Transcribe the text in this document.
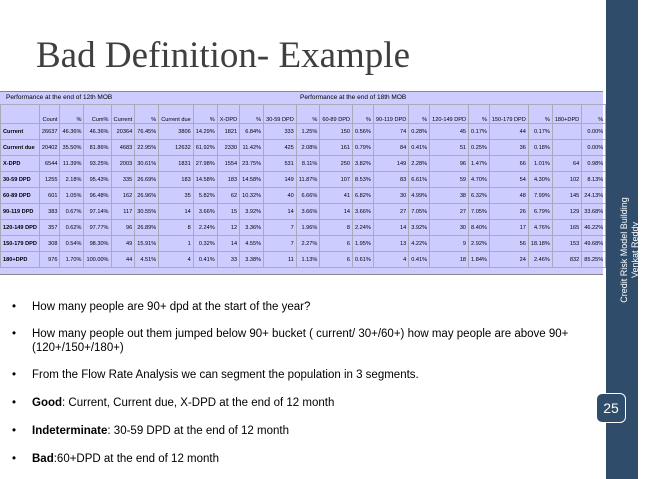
Bad Definition- Example
Credit Risk Model Building
Venkat Reddy
25
Performance at the end of 12th MOB	Performance at the end of 18th MOB
	Count	%	Cum%	Current	%	Current due	%	X-DPD	%	30-59 DPD	%	60-89 DPD	%	90-119 DPD	%	120-149 DPD	%	150-179 DPD	%	180+DPD	%
Current	26637	46.36%	46.36%	20364	76.45%	3806	14.29%	1821	6.84%	333	1.25%	150	0.56%	74	0.28%	45	0.17%	44	0.17%		0.00%
Current due	20402	35.50%	81.86%	4683	22.95%	12632	61.92%	2330	11.42%	425	2.08%	161	0.79%	84	0.41%	51	0.25%	36	0.18%		0.00%
X-DPD	6544	11.39%	93.25%	2003	30.61%	1831	27.98%	1554	23.75%	531	8.11%	250	3.82%	149	2.28%	96	1.47%	66	1.01%	64	0.98%
30-59 DPD	1255	2.18%	95.43%	335	26.69%	183	14.58%	183	14.58%	149	11.87%	107	8.53%	83	6.61%	59	4.70%	54	4.30%	102	8.13%
60-89 DPD	601	1.05%	96.48%	162	26.96%	35	5.82%	62	10.32%	40	6.66%	41	6.82%	30	4.99%	38	6.32%	48	7.99%	145	24.13%
90-119 DPD	383	0.67%	97.14%	117	30.55%	14	3.66%	15	3.92%	14	3.66%	14	3.66%	27	7.05%	27	7.05%	26	6.79%	129	33.68%
120-149 DPD	357	0.62%	97.77%	96	26.89%	8	2.24%	12	3.36%	7	1.96%	8	2.24%	14	3.92%	30	8.40%	17	4.76%	165	46.22%
150-179 DPD	308	0.54%	98.30%	49	15.91%	1	0.32%	14	4.55%	7	2.27%	6	1.95%	13	4.22%	9	2.92%	56	18.18%	153	49.68%
180+DPD	976	1.70%	100.00%	44	4.51%	4	0.41%	33	3.38%	11	1.13%	6	0.61%	4	0.41%	18	1.84%	24	2.46%	832	85.25%
• How many people are 90+ dpd at the start of the year?
• How many people out them jumped below 90+ bucket ( current/ 30+/60+) how may people are above 90+ (120+/150+/180+)
• From the Flow Rate Analysis we can segment the population in 3 segments.
• Good: Current, Current due, X-DPD at the end of 12 month
• Indeterminate: 30-59 DPD at the end of 12 month
• Bad:60+DPD at the end of 12 month
